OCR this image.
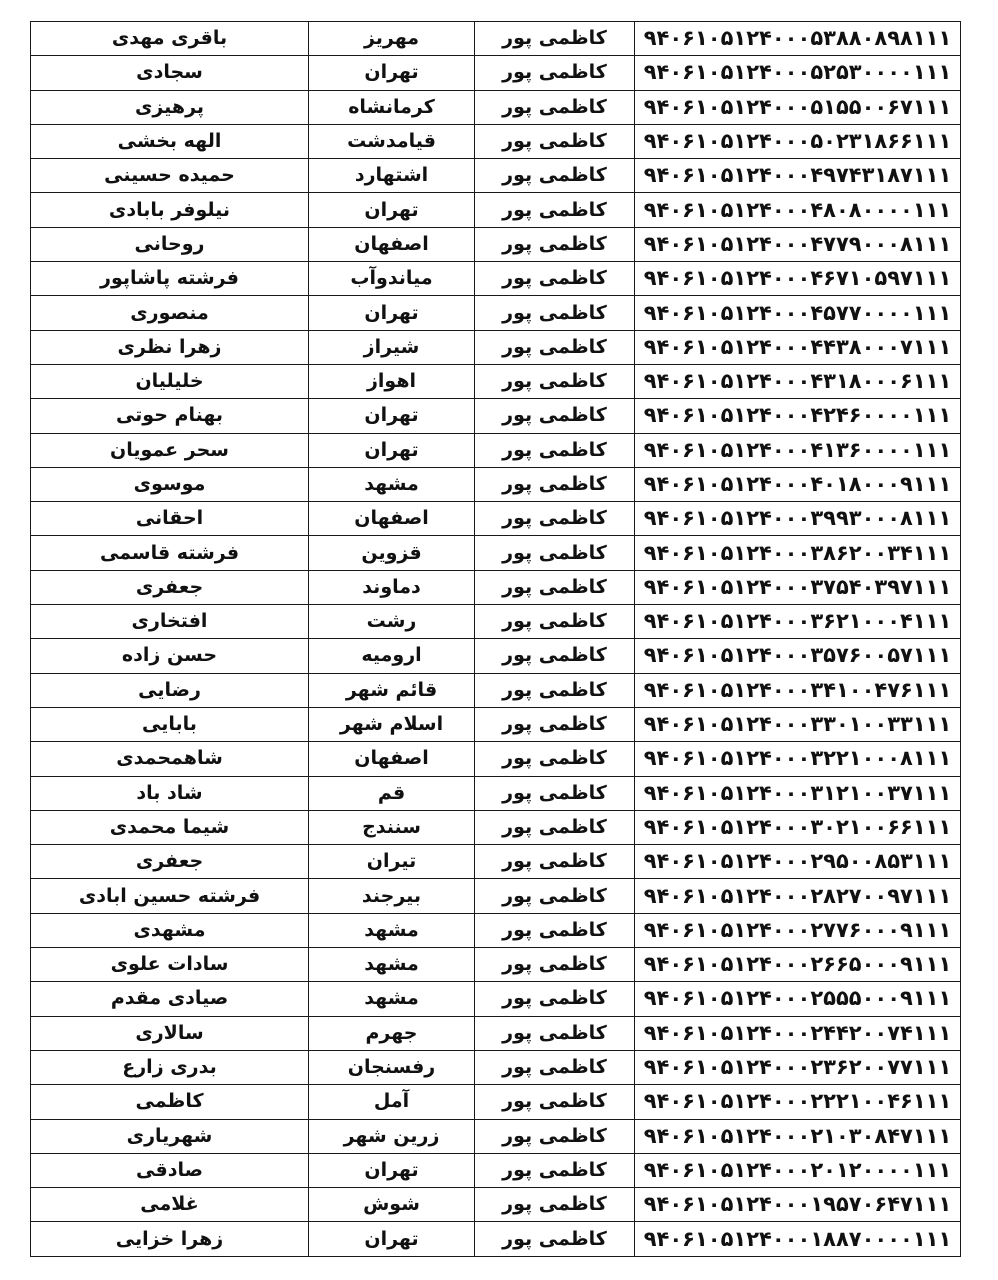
۹۴۰۶۱۰۵۱۲۴۰۰۰۵۳۸۸۰۸۹۸۱۱۱	کاظمی پور	مهریز	باقری مهدی
۹۴۰۶۱۰۵۱۲۴۰۰۰۵۲۵۳۰۰۰۰۱۱۱	کاظمی پور	تهران	سجادی
۹۴۰۶۱۰۵۱۲۴۰۰۰۵۱۵۵۰۰۶۷۱۱۱	کاظمی پور	کرمانشاه	پرهیزی
۹۴۰۶۱۰۵۱۲۴۰۰۰۵۰۲۳۱۸۶۶۱۱۱	کاظمی پور	قیامدشت	الهه بخشی
۹۴۰۶۱۰۵۱۲۴۰۰۰۴۹۷۴۳۱۸۷۱۱۱	کاظمی پور	اشتهارد	حمیده حسینی
۹۴۰۶۱۰۵۱۲۴۰۰۰۴۸۰۸۰۰۰۰۱۱۱	کاظمی پور	تهران	نیلوفر بابادی
۹۴۰۶۱۰۵۱۲۴۰۰۰۴۷۷۹۰۰۰۸۱۱۱	کاظمی پور	اصفهان	روحانی
۹۴۰۶۱۰۵۱۲۴۰۰۰۴۶۷۱۰۵۹۷۱۱۱	کاظمی پور	میاندوآب	فرشته پاشاپور
۹۴۰۶۱۰۵۱۲۴۰۰۰۴۵۷۷۰۰۰۰۱۱۱	کاظمی پور	تهران	منصوری
۹۴۰۶۱۰۵۱۲۴۰۰۰۴۴۳۸۰۰۰۷۱۱۱	کاظمی پور	شیراز	زهرا نظری
۹۴۰۶۱۰۵۱۲۴۰۰۰۴۳۱۸۰۰۰۶۱۱۱	کاظمی پور	اهواز	خلیلیان
۹۴۰۶۱۰۵۱۲۴۰۰۰۴۲۴۶۰۰۰۰۱۱۱	کاظمی پور	تهران	بهنام حوتی
۹۴۰۶۱۰۵۱۲۴۰۰۰۴۱۳۶۰۰۰۰۱۱۱	کاظمی پور	تهران	سحر عمویان
۹۴۰۶۱۰۵۱۲۴۰۰۰۴۰۱۸۰۰۰۹۱۱۱	کاظمی پور	مشهد	موسوی
۹۴۰۶۱۰۵۱۲۴۰۰۰۳۹۹۳۰۰۰۸۱۱۱	کاظمی پور	اصفهان	احقانی
۹۴۰۶۱۰۵۱۲۴۰۰۰۳۸۶۲۰۰۳۴۱۱۱	کاظمی پور	قزوین	فرشته قاسمی
۹۴۰۶۱۰۵۱۲۴۰۰۰۳۷۵۴۰۳۹۷۱۱۱	کاظمی پور	دماوند	جعفری
۹۴۰۶۱۰۵۱۲۴۰۰۰۳۶۲۱۰۰۰۴۱۱۱	کاظمی پور	رشت	افتخاری
۹۴۰۶۱۰۵۱۲۴۰۰۰۳۵۷۶۰۰۵۷۱۱۱	کاظمی پور	ارومیه	حسن زاده
۹۴۰۶۱۰۵۱۲۴۰۰۰۳۴۱۰۰۴۷۶۱۱۱	کاظمی پور	قائم شهر	رضایی
۹۴۰۶۱۰۵۱۲۴۰۰۰۳۳۰۱۰۰۳۳۱۱۱	کاظمی پور	اسلام شهر	بابایی
۹۴۰۶۱۰۵۱۲۴۰۰۰۳۲۲۱۰۰۰۸۱۱۱	کاظمی پور	اصفهان	شاهمحمدی
۹۴۰۶۱۰۵۱۲۴۰۰۰۳۱۲۱۰۰۳۷۱۱۱	کاظمی پور	قم	شاد باد
۹۴۰۶۱۰۵۱۲۴۰۰۰۳۰۲۱۰۰۶۶۱۱۱	کاظمی پور	سنندج	شیما محمدی
۹۴۰۶۱۰۵۱۲۴۰۰۰۲۹۵۰۰۸۵۳۱۱۱	کاظمی پور	تیران	جعفری
۹۴۰۶۱۰۵۱۲۴۰۰۰۲۸۲۷۰۰۹۷۱۱۱	کاظمی پور	بیرجند	فرشته حسین ابادی
۹۴۰۶۱۰۵۱۲۴۰۰۰۲۷۷۶۰۰۰۹۱۱۱	کاظمی پور	مشهد	مشهدی
۹۴۰۶۱۰۵۱۲۴۰۰۰۲۶۶۵۰۰۰۹۱۱۱	کاظمی پور	مشهد	سادات علوی
۹۴۰۶۱۰۵۱۲۴۰۰۰۲۵۵۵۰۰۰۹۱۱۱	کاظمی پور	مشهد	صیادی مقدم
۹۴۰۶۱۰۵۱۲۴۰۰۰۲۴۴۲۰۰۷۴۱۱۱	کاظمی پور	جهرم	سالاری
۹۴۰۶۱۰۵۱۲۴۰۰۰۲۳۶۲۰۰۷۷۱۱۱	کاظمی پور	رفسنجان	بدری زارع
۹۴۰۶۱۰۵۱۲۴۰۰۰۲۲۲۱۰۰۴۶۱۱۱	کاظمی پور	آمل	کاظمی
۹۴۰۶۱۰۵۱۲۴۰۰۰۲۱۰۳۰۸۴۷۱۱۱	کاظمی پور	زرین شهر	شهریاری
۹۴۰۶۱۰۵۱۲۴۰۰۰۲۰۱۲۰۰۰۰۱۱۱	کاظمی پور	تهران	صادقی
۹۴۰۶۱۰۵۱۲۴۰۰۰۱۹۵۷۰۶۴۷۱۱۱	کاظمی پور	شوش	غلامی
۹۴۰۶۱۰۵۱۲۴۰۰۰۱۸۸۷۰۰۰۰۱۱۱	کاظمی پور	تهران	زهرا خزایی
